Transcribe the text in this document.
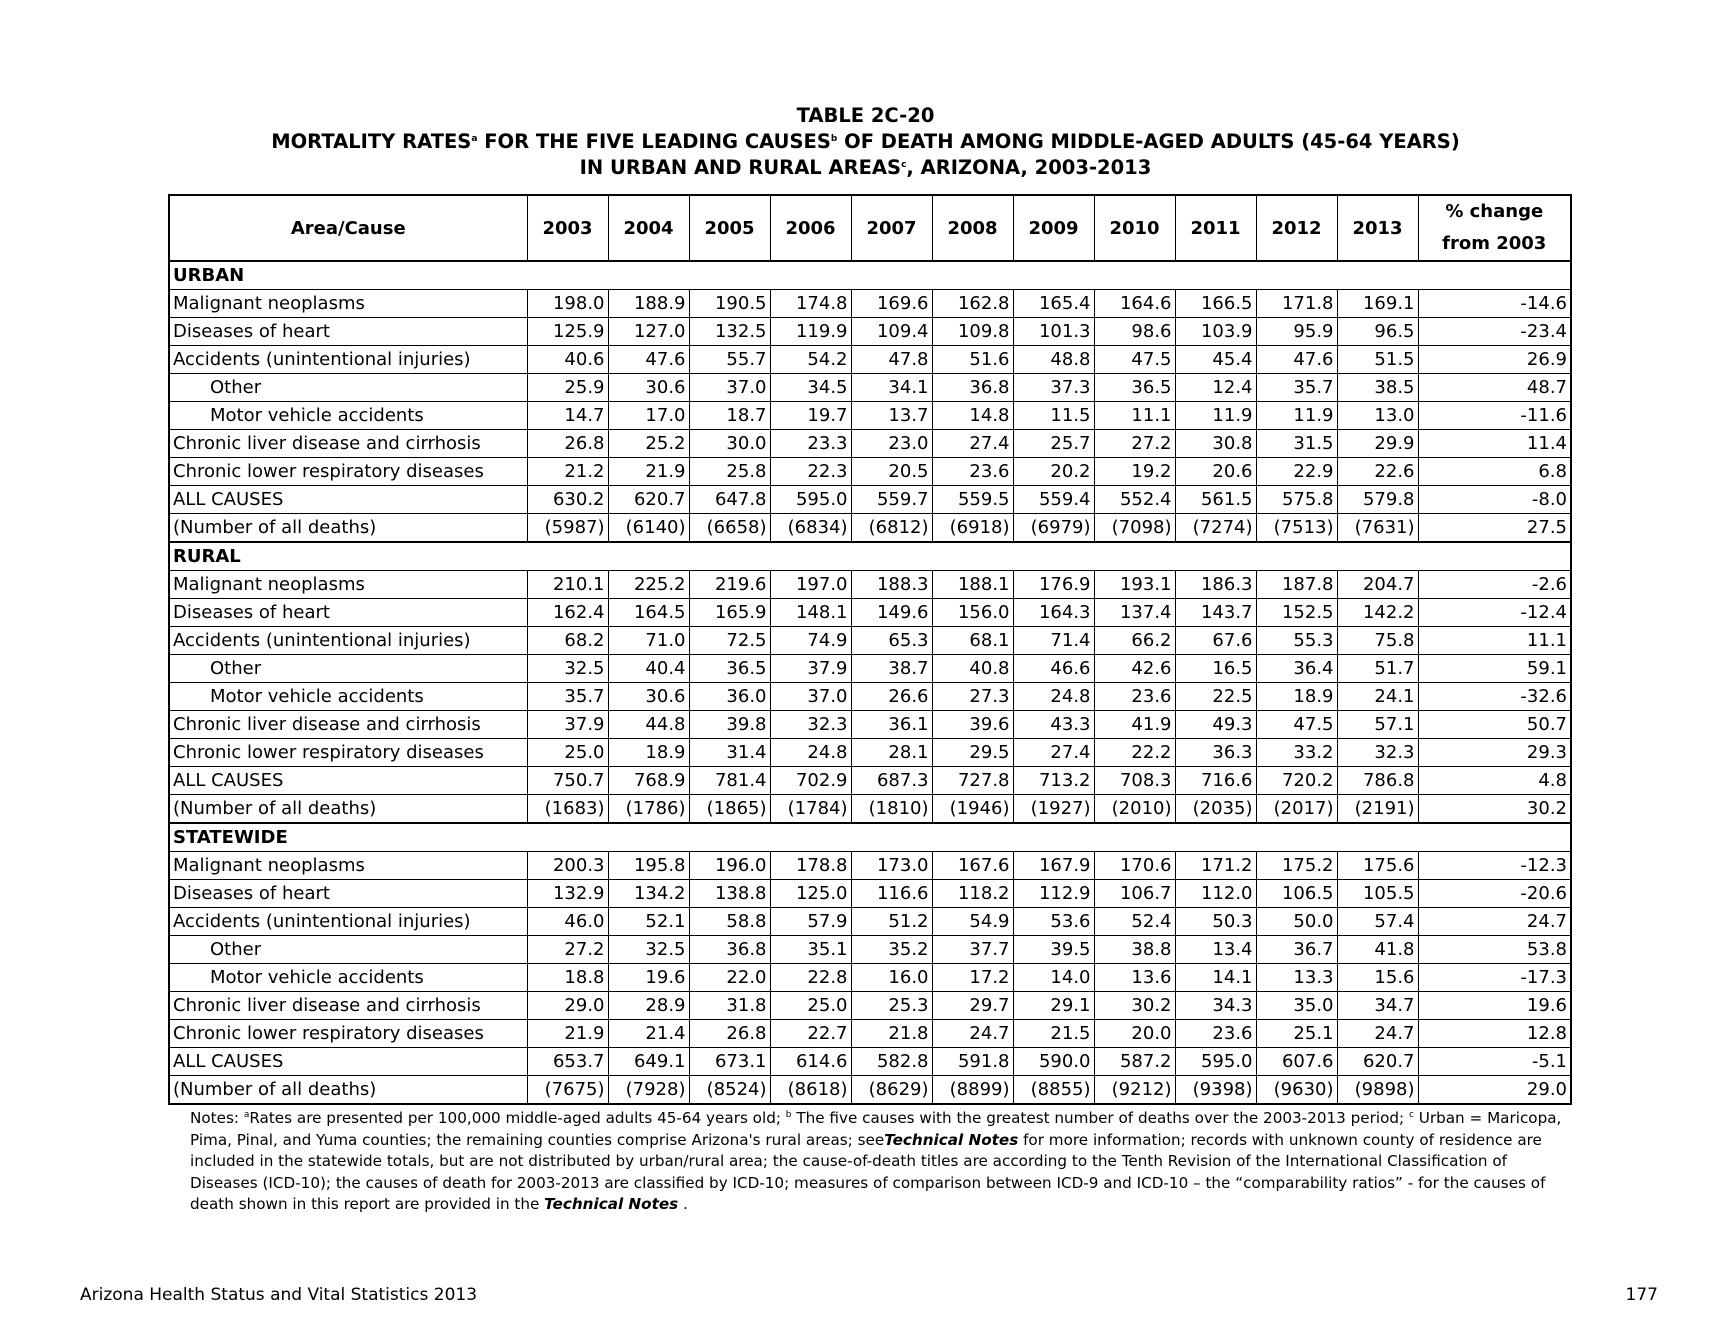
TABLE 2C-20
MORTALITY RATES$^a$ FOR THE FIVE LEADING CAUSES$^b$ OF DEATH AMONG MIDDLE-AGED ADULTS (45-64 YEARS)
IN URBAN AND RURAL AREAS$^c$, ARIZONA, 2003-2013
Area/Cause	2003	2004	2005	2006	2007	2008	2009	2010	2011	2012	2013	% change
from 2003

URBAN												
Malignant neoplasms	198.0	188.9	190.5	174.8	169.6	162.8	165.4	164.6	166.5	171.8	169.1	-14.6
Diseases of heart	125.9	127.0	132.5	119.9	109.4	109.8	101.3	98.6	103.9	95.9	96.5	-23.4
Accidents (unintentional injuries)	40.6	47.6	55.7	54.2	47.8	51.6	48.8	47.5	45.4	47.6	51.5	26.9
Other	25.9	30.6	37.0	34.5	34.1	36.8	37.3	36.5	12.4	35.7	38.5	48.7
Motor vehicle accidents	14.7	17.0	18.7	19.7	13.7	14.8	11.5	11.1	11.9	11.9	13.0	-11.6
Chronic liver disease and cirrhosis	26.8	25.2	30.0	23.3	23.0	27.4	25.7	27.2	30.8	31.5	29.9	11.4
Chronic lower respiratory diseases	21.2	21.9	25.8	22.3	20.5	23.6	20.2	19.2	20.6	22.9	22.6	6.8
ALL CAUSES	630.2	620.7	647.8	595.0	559.7	559.5	559.4	552.4	561.5	575.8	579.8	-8.0
(Number of all deaths)	(5987)	(6140)	(6658)	(6834)	(6812)	(6918)	(6979)	(7098)	(7274)	(7513)	(7631)	27.5
RURAL												
Malignant neoplasms	210.1	225.2	219.6	197.0	188.3	188.1	176.9	193.1	186.3	187.8	204.7	-2.6
Diseases of heart	162.4	164.5	165.9	148.1	149.6	156.0	164.3	137.4	143.7	152.5	142.2	-12.4
Accidents (unintentional injuries)	68.2	71.0	72.5	74.9	65.3	68.1	71.4	66.2	67.6	55.3	75.8	11.1
Other	32.5	40.4	36.5	37.9	38.7	40.8	46.6	42.6	16.5	36.4	51.7	59.1
Motor vehicle accidents	35.7	30.6	36.0	37.0	26.6	27.3	24.8	23.6	22.5	18.9	24.1	-32.6
Chronic liver disease and cirrhosis	37.9	44.8	39.8	32.3	36.1	39.6	43.3	41.9	49.3	47.5	57.1	50.7
Chronic lower respiratory diseases	25.0	18.9	31.4	24.8	28.1	29.5	27.4	22.2	36.3	33.2	32.3	29.3
ALL CAUSES	750.7	768.9	781.4	702.9	687.3	727.8	713.2	708.3	716.6	720.2	786.8	4.8
(Number of all deaths)	(1683)	(1786)	(1865)	(1784)	(1810)	(1946)	(1927)	(2010)	(2035)	(2017)	(2191)	30.2
STATEWIDE												
Malignant neoplasms	200.3	195.8	196.0	178.8	173.0	167.6	167.9	170.6	171.2	175.2	175.6	-12.3
Diseases of heart	132.9	134.2	138.8	125.0	116.6	118.2	112.9	106.7	112.0	106.5	105.5	-20.6
Accidents (unintentional injuries)	46.0	52.1	58.8	57.9	51.2	54.9	53.6	52.4	50.3	50.0	57.4	24.7
Other	27.2	32.5	36.8	35.1	35.2	37.7	39.5	38.8	13.4	36.7	41.8	53.8
Motor vehicle accidents	18.8	19.6	22.0	22.8	16.0	17.2	14.0	13.6	14.1	13.3	15.6	-17.3
Chronic liver disease and cirrhosis	29.0	28.9	31.8	25.0	25.3	29.7	29.1	30.2	34.3	35.0	34.7	19.6
Chronic lower respiratory diseases	21.9	21.4	26.8	22.7	21.8	24.7	21.5	20.0	23.6	25.1	24.7	12.8
ALL CAUSES	653.7	649.1	673.1	614.6	582.8	591.8	590.0	587.2	595.0	607.6	620.7	-5.1
(Number of all deaths)	(7675)	(7928)	(8524)	(8618)	(8629)	(8899)	(8855)	(9212)	(9398)	(9630)	(9898)	29.0
Notes: $^a$Rates are presented per 100,000 middle-aged adults 45-64 years old; $^b$ The five causes with the greatest number of deaths over the 2003-2013 period; $^c$ Urban = Maricopa, Pima, Pinal, and Yuma counties; the remaining counties comprise Arizona's rural areas; seeTechnical Notes for more information; records with unknown county of residence are included in the statewide totals, but are not distributed by urban/rural area; the cause-of-death titles are according to the Tenth Revision of the International Classification of Diseases (ICD-10); the causes of death for 2003-2013 are classified by ICD-10; measures of comparison between ICD-9 and ICD-10 – the “comparability ratios” - for the causes of death shown in this report are provided in the Technical Notes .
Arizona Health Status and Vital Statistics 2013	177
